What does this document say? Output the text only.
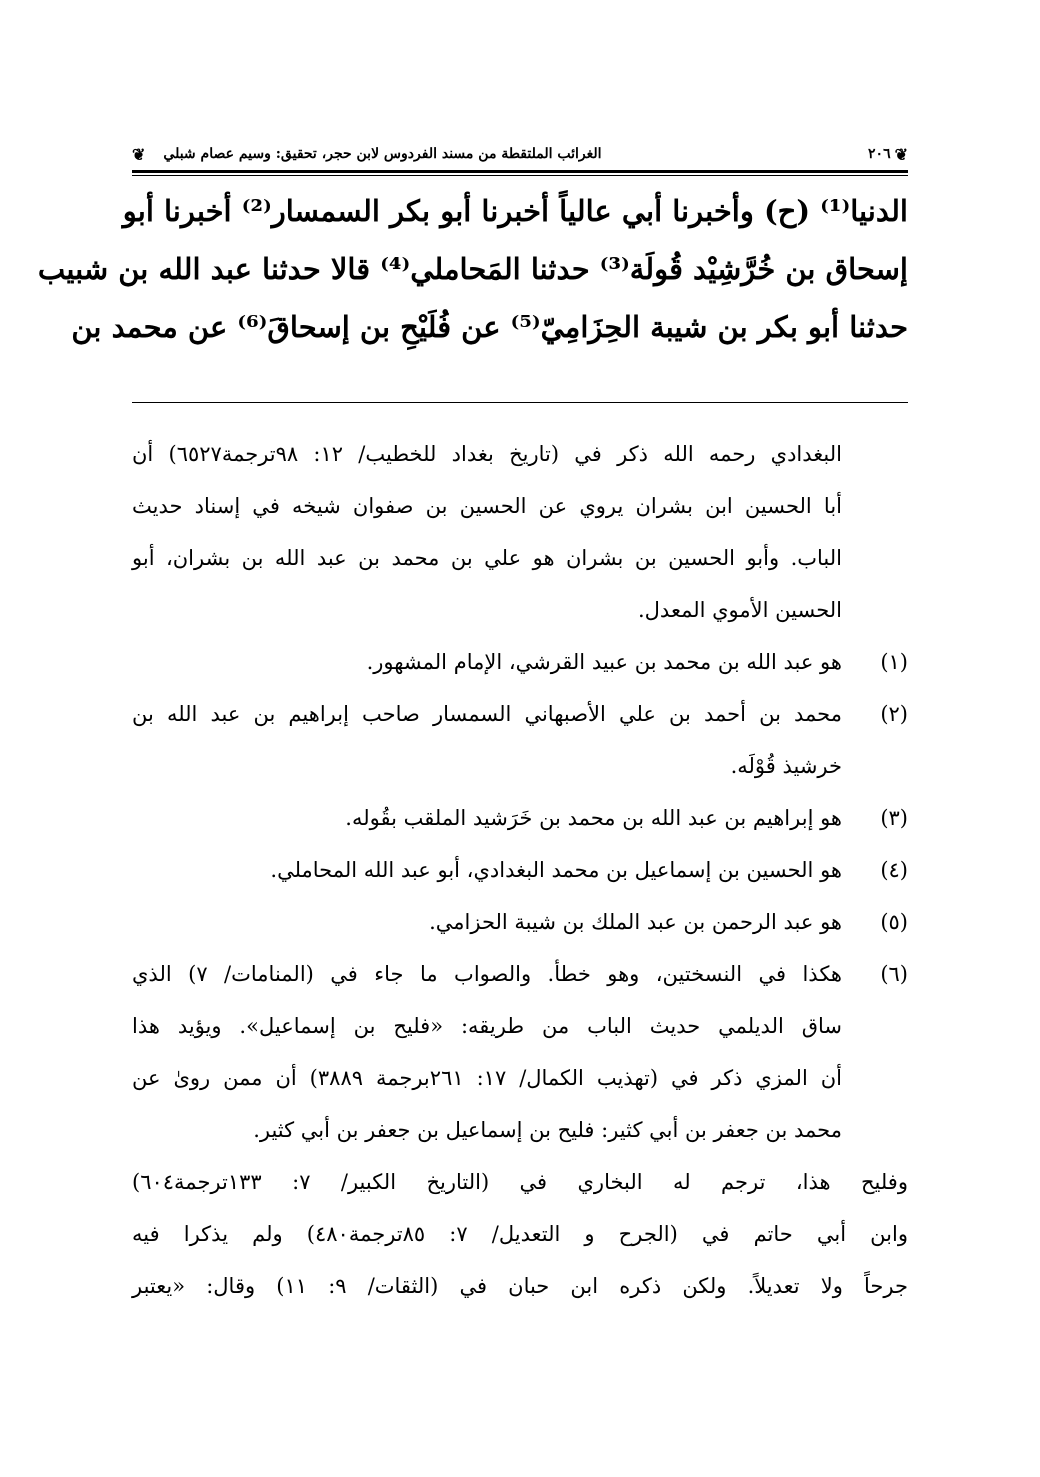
❦
٢٠٦
الغرائب الملتقطة من مسند الفردوس لابن حجر، تحقيق: وسيم عصام شبلي
❦
الدنيا⁽¹⁾ (ح) وأخبرنا أبي عالياً أخبرنا أبو بكر السمسار⁽²⁾ أخبرنا أبو
إسحاق بن خُرَّشِيْد قُولَة⁽³⁾ حدثنا المَحاملي⁽⁴⁾ قالا حدثنا عبد الله بن شبيب
حدثنا أبو بكر بن شيبة الحِزَامِيّ⁽⁵⁾ عن فُلَيْحِ بن إسحاقَ⁽⁶⁾ عن محمد بن
البغدادي رحمه الله ذكر في (تاريخ بغداد للخطيب/ ١٢: ٩٨ترجمة٦٥٢٧) أن
أبا الحسين ابن بشران يروي عن الحسين بن صفوان شيخه في إسناد حديث
الباب. وأبو الحسين بن بشران هو علي بن محمد بن عبد الله بن بشران، أبو
الحسين الأموي المعدل.
(١)
هو عبد الله بن محمد بن عبيد القرشي، الإمام المشهور.
(٢)
محمد بن أحمد بن علي الأصبهاني السمسار صاحب إبراهيم بن عبد الله بن
خرشيذ قُوْلَه.
(٣)
هو إبراهيم بن عبد الله بن محمد بن خَرَشيد الملقب بقُوله.
(٤)
هو الحسين بن إسماعيل بن محمد البغدادي، أبو عبد الله المحاملي.
(٥)
هو عبد الرحمن بن عبد الملك بن شيبة الحزامي.
(٦)
هكذا في النسختين، وهو خطأ. والصواب ما جاء في (المنامات/ ٧) الذي
ساق الديلمي حديث الباب من طريقه: «فليح بن إسماعيل». ويؤيد هذا
أن المزي ذكر في (تهذيب الكمال/ ١٧: ٢٦١برجمة ٣٨٨٩) أن ممن روىٰ عن
محمد بن جعفر بن أبي كثير: فليح بن إسماعيل بن جعفر بن أبي كثير.
وفليح هذا، ترجم له البخاري في (التاريخ الكبير/ ٧: ١٣٣ترجمة٦٠٤)
وابن أبي حاتم في (الجرح و التعديل/ ٧: ٨٥ترجمة٤٨٠) ولم يذكرا فيه
جرحاً ولا تعديلاً. ولكن ذكره ابن حبان في (الثقات/ ٩: ١١) وقال: «يعتبر
